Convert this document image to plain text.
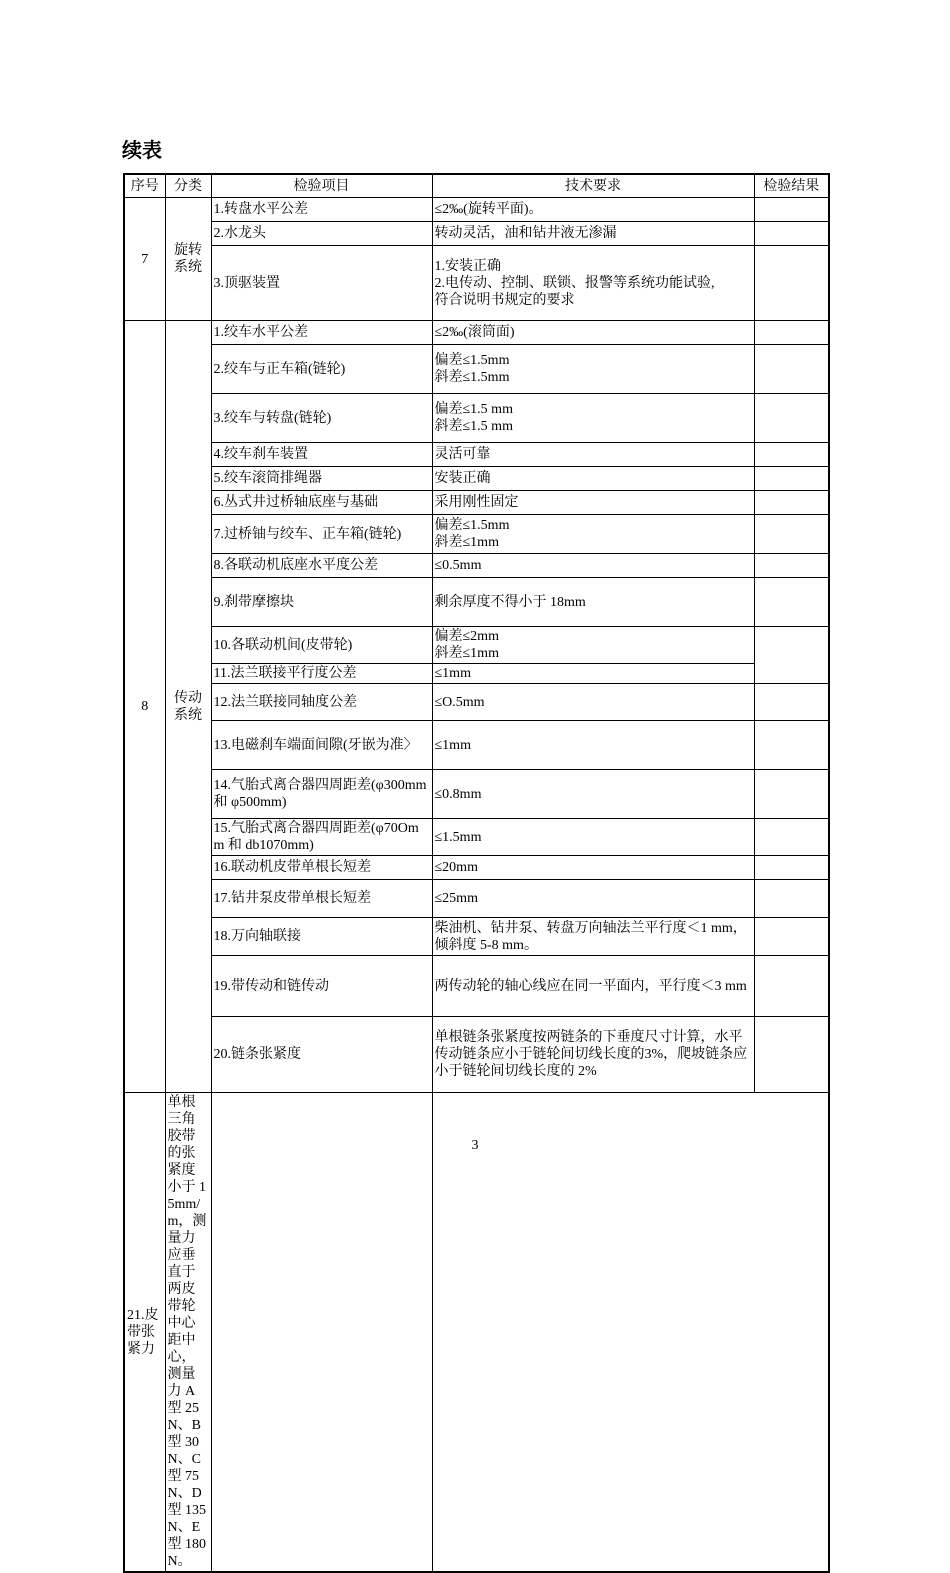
续表
序号	分类	检验项目	技术要求	检验结果
7	旋转系统	1.转盘水平公差	≤2‰(旋转平面)。	

		2.水龙头	转动灵活，油和钻井液无渗漏	

		3.顶驱装置	1.安装正确
2.电传动、控制、联锁、报警等系统功能试验,
符合说明书规定的要求	

8	传动系统	1.绞车水平公差	≤2‰(滚筒面)	

		2.绞车与正车箱(链轮)	偏差≤1.5mm
斜差≤1.5mm	

		3.绞车与转盘(链轮)	偏差≤1.5 mm
斜差≤1.5 mm	

		4.绞车刹车装置	灵活可靠	

		5.绞车滚筒排绳器	安装正确	

		6.丛式井过桥轴底座与基础	采用刚性固定	

		7.过桥铀与绞车、正车箱(链轮)	偏差≤1.5mm
斜差≤1mm	

		8.各联动机底座水平度公差	≤0.5mm	

		9.刹带摩擦块	剩余厚度不得小于 18mm	

		10.各联动机间(皮带轮)	偏差≤2mm
斜差≤1mm	

		11.法兰联接平行度公差	≤1mm	

		12.法兰联接同轴度公差	≤O.5mm	

		13.电磁刹车端面间隙(牙嵌为准〉	≤1mm	

		14.气胎式离合器四周距差(φ300mm 和 φ500mm)	≤0.8mm	

		15.气胎式离合器四周距差(φ70Omm 和 db1070mm)	≤1.5mm	

		16.联动机皮带单根长短差	≤20mm	

		17.钻井泵皮带单根长短差	≤25mm	

		18.万向轴联接	柴油机、钻井泵、转盘万向轴法兰平行度＜1 mm，倾斜度 5-8 mm。	

		19.带传动和链传动	两传动轮的轴心线应在同一平面内，平行度＜3 mm	

		20.链条张紧度	单根链条张紧度按两链条的下垂度尺寸计算，水平传动链条应小于链轮间切线长度的3%，爬坡链条应小于链轮间切线长度的 2%	

21.皮带张紧力	单根三角胶带的张紧度小于 15mm/m，测量力应垂直于两皮带轮中心距中心，测量力 A 型 25N、B 型 30N、C 型 75N、D 型 135N、E 型 180N。			

3
